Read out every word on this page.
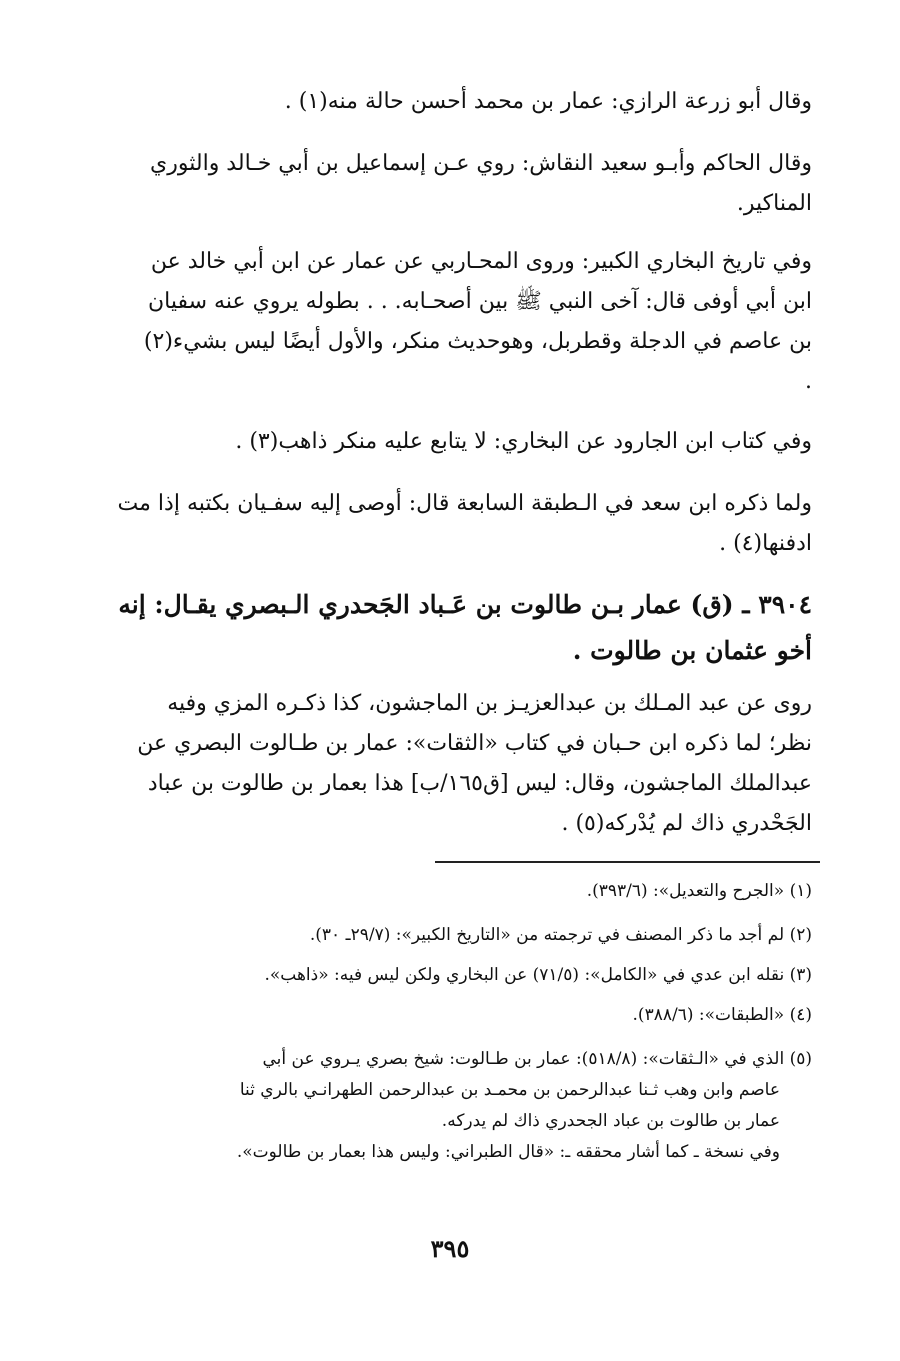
وقال أبو زرعة الرازي: عمار بن محمد أحسن حالة منه(١) .
وقال الحاكم وأبـو سعيد النقاش: روي عـن إسماعيل بن أبي خـالد والثوري
المناكير.
وفي تاريخ البخاري الكبير: وروى المحـاربي عن عمار عن ابن أبي خالد عن
ابن أبي أوفى قال: آخى النبي ﷺ بين أصحـابه. . . بطوله يروي عنه سفيان
بن عاصم في الدجلة وقطربل، وهوحديث منكر، والأول أيضًا ليس بشيء(٢)
.
وفي كتاب ابن الجارود عن البخاري: لا يتابع عليه منكر ذاهب(٣) .
ولما ذكره ابن سعد في الـطبقة السابعة قال: أوصى إليه سفـيان بكتبه إذا مت
ادفنها(٤) .
٣٩٠٤ ـ (ق) عمار بـن طالوت بن عَـباد الجَحدري الـبصري يقـال: إنه
أخو عثمان بن طالوت .
روى عن عبد المـلك بن عبدالعزيـز بن الماجشون، كذا ذكـره المزي وفيه
نظر؛ لما ذكره ابن حـبان في كتاب «الثقات»: عمار بن طـالوت البصري عن
عبدالملك الماجشون، وقال: ليس [ق١٦٥/ب] هذا بعمار بن طالوت بن عباد
الجَحْدري ذاك لم يُدْركه(٥) .
(١) «الجرح والتعديل»: (٣٩٣/٦).
(٢) لم أجد ما ذكر المصنف في ترجمته من «التاريخ الكبير»: (٢٩/٧ـ ٣٠).
(٣) نقله ابن عدي في «الكامل»: (٧١/٥) عن البخاري ولكن ليس فيه: «ذاهب».
(٤) «الطبقات»: (٣٨٨/٦).
(٥) الذي في «الـثقات»: (٥١٨/٨): عمار بن طـالوت: شيخ بصري يـروي عن أبي
عاصم وابن وهب ثـنا عبدالرحمن بن محمـد بن عبدالرحمن الطهرانـي بالري ثنا
عمار بن طالوت بن عباد الجحدري ذاك لم يدركه.
وفي نسخة ـ كما أشار محققه ـ: «قال الطبراني: وليس هذا بعمار بن طالوت».
٣٩٥
